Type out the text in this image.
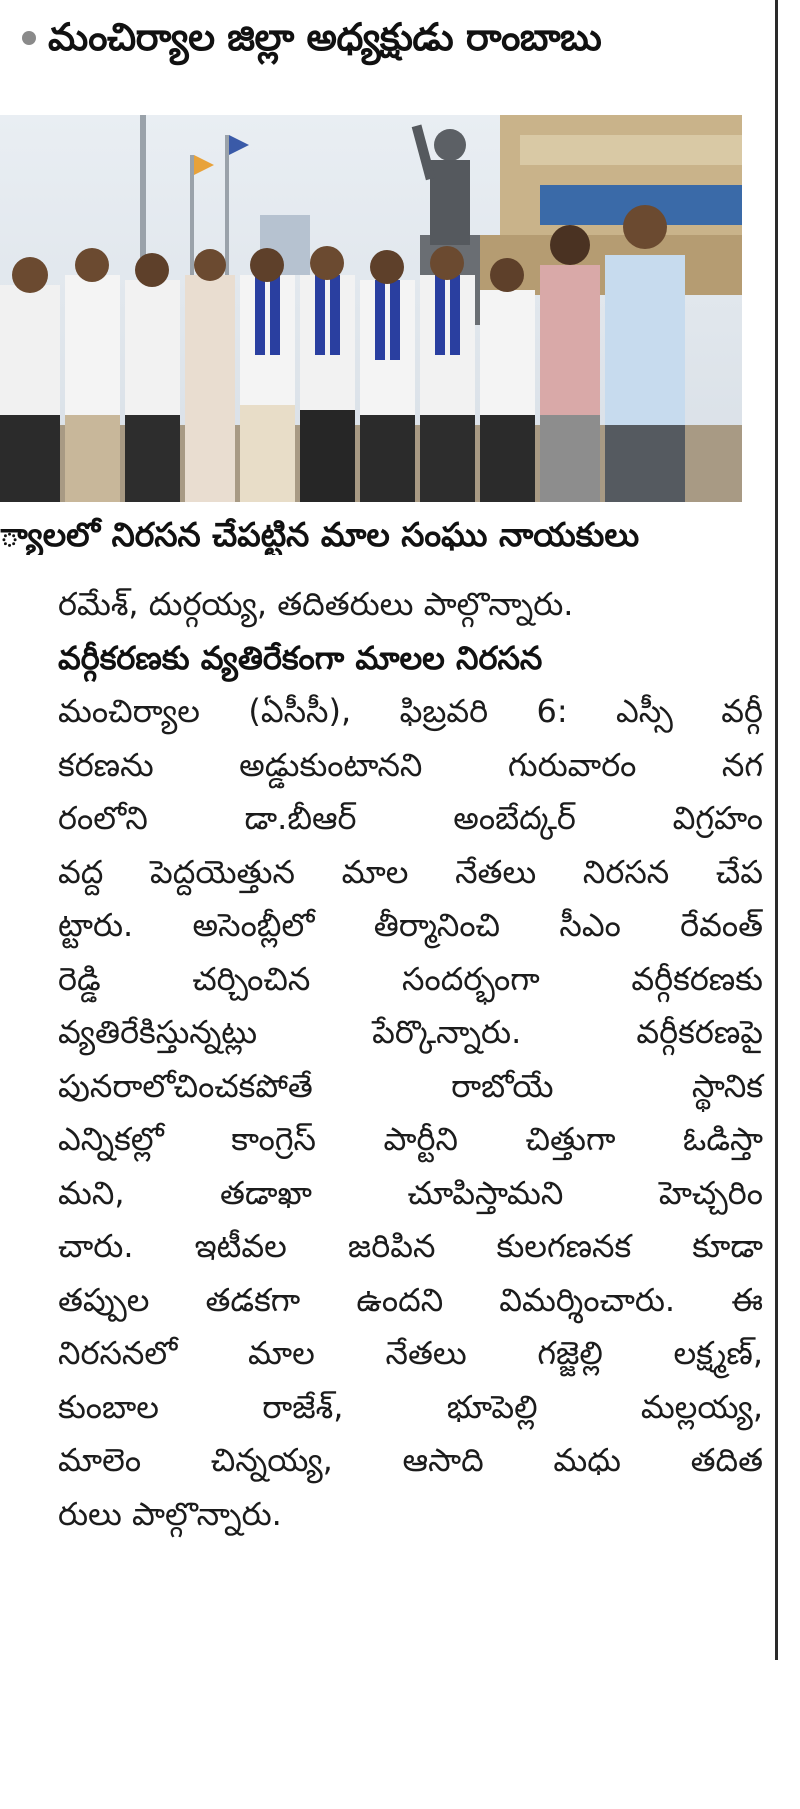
మంచిర్యాల జిల్లా అధ్యక్షుడు రాంబాబు
్యాలలో నిరసన చేపట్టిన మాల సంఘు నాయకులు
రమేశ్, దుర్గయ్య, తదితరులు పాల్గొన్నారు.
వర్గీకరణకు వ్యతిరేకంగా మాలల నిరసన
మంచిర్యాల (ఏసీసీ), ఫిబ్రవరి 6: ఎస్సీ వర్గీ
కరణను అడ్డుకుంటానని గురువారం నగ
రంలోని డా.బీఆర్ అంబేద్కర్ విగ్రహం
వద్ద పెద్దయెత్తున మాల నేతలు నిరసన చేప
ట్టారు. అసెంబ్లీలో తీర్మానించి సీఎం రేవంత్
రెడ్డి చర్చించిన సందర్భంగా వర్గీకరణకు
వ్యతిరేకిస్తున్నట్లు పేర్కొన్నారు. వర్గీకరణపై
పునరాలోచించకపోతే రాబోయే స్థానిక
ఎన్నికల్లో కాంగ్రెస్ పార్టీని చిత్తుగా ఓడిస్తా
మని, తడాఖా చూపిస్తామని హెచ్చరిం
చారు. ఇటీవల జరిపిన కులగణనక కూడా
తప్పుల తడకగా ఉందని విమర్శించారు. ఈ
నిరసనలో మాల నేతలు గజ్జెల్లి లక్ష్మణ్,
కుంబాల రాజేశ్, భూపెల్లి మల్లయ్య,
మాలెం చిన్నయ్య, ఆసాది మధు తదిత
రులు పాల్గొన్నారు.
